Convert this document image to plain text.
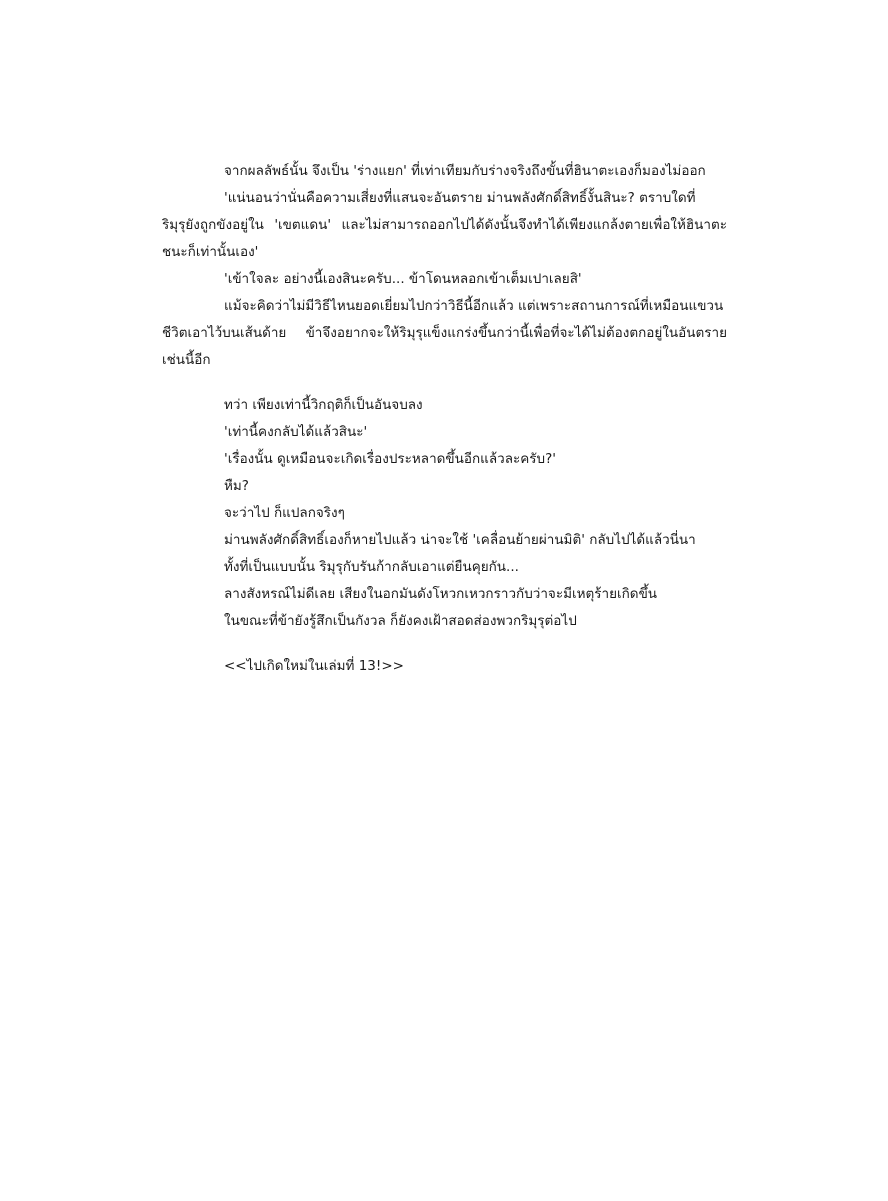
จากผลลัพธ์นั้น จึงเป็น 'ร่างแยก' ที่เท่าเทียมกับร่างจริงถึงขั้นที่ฮินาตะเองก็มองไม่ออก
'แน่นอนว่านั่นคือความเสี่ยงที่แสนจะอันตราย ม่านพลังศักดิ์สิทธิ์งั้นสินะ? ตราบใดที่
ริมุรุยังถูกขังอยู่ใน 'เขตแดน' และไม่สามารถออกไปได้ดังนั้นจึงทำได้เพียงแกล้งตายเพื่อให้ฮินาตะ
ชนะก็เท่านั้นเอง'
'เข้าใจละ อย่างนี้เองสินะครับ... ข้าโดนหลอกเข้าเต็มเปาเลยสิ'
แม้จะคิดว่าไม่มีวิธีไหนยอดเยี่ยมไปกว่าวิธีนี้อีกแล้ว แต่เพราะสถานการณ์ที่เหมือนแขวน
ชีวิตเอาไว้บนเส้นด้าย ข้าจึงอยากจะให้ริมุรุแข็งแกร่งขึ้นกว่านี้เพื่อที่จะได้ไม่ต้องตกอยู่ในอันตราย
เช่นนี้อีก
ทว่า เพียงเท่านี้วิกฤติก็เป็นอันจบลง
'เท่านี้คงกลับได้แล้วสินะ'
'เรื่องนั้น ดูเหมือนจะเกิดเรื่องประหลาดขึ้นอีกแล้วละครับ?'
หืม?
จะว่าไป ก็แปลกจริงๆ
ม่านพลังศักดิ์สิทธิ์เองก็หายไปแล้ว น่าจะใช้ 'เคลื่อนย้ายผ่านมิติ' กลับไปได้แล้วนี่นา
ทั้งที่เป็นแบบนั้น ริมุรุกับรันก้ากลับเอาแต่ยืนคุยกัน...
ลางสังหรณ์ไม่ดีเลย เสียงในอกมันดังโหวกเหวกราวกับว่าจะมีเหตุร้ายเกิดขึ้น
ในขณะที่ข้ายังรู้สึกเป็นกังวล ก็ยังคงเฝ้าสอดส่องพวกริมุรุต่อไป
<<ไปเกิดใหม่ในเล่มที่ 13!>>
